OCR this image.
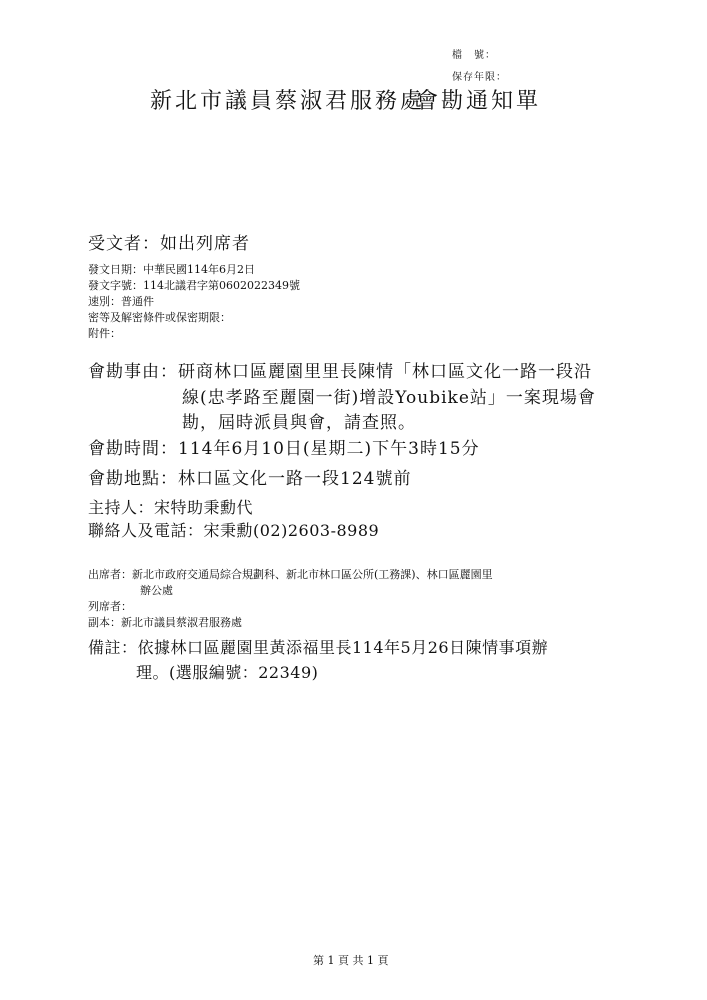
檔　號：
保存年限：
新北市議員蔡淑君服務處
會勘通知單
受文者：如出列席者
發文日期：中華民國114年6月2日
發文字號：114北議君字第0602022349號
速別：普通件
密等及解密條件或保密期限：
附件：
會勘事由：研商林口區麗園里里長陳情「林口區文化一路一段沿
線(忠孝路至麗園一街)增設Youbike站」一案現場會
勘，屆時派員與會，請查照。
會勘時間：114年6月10日(星期二)下午3時15分
會勘地點：林口區文化一路一段124號前
主持人：宋特助秉勳代
聯絡人及電話：宋秉勳(02)2603-8989
出席者：新北市政府交通局綜合規劃科、新北市林口區公所(工務課)、林口區麗園里
辦公處
列席者：
副本：新北市議員蔡淑君服務處
備註：依據林口區麗園里黃添福里長114年5月26日陳情事項辦
理。(選服編號：22349)
第 1 頁 共 1 頁
